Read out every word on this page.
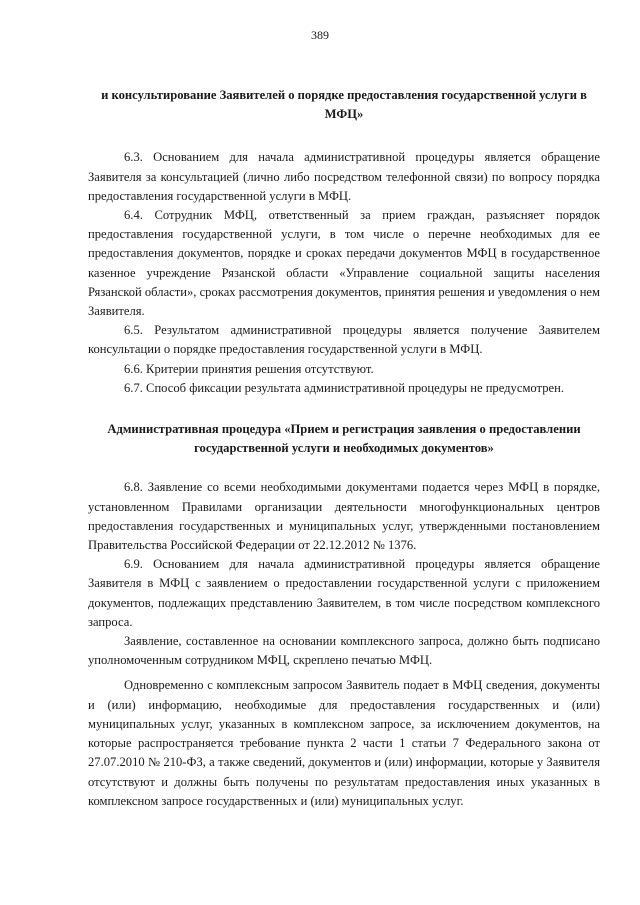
389

и консультирование Заявителей о порядке предоставления государственной услуги в МФЦ»

6.3. Основанием для начала административной процедуры является обращение Заявителя за консультацией (лично либо посредством телефонной связи) по вопросу порядка предоставления государственной услуги в МФЦ.

6.4. Сотрудник МФЦ, ответственный за прием граждан, разъясняет порядок предоставления государственной услуги, в том числе о перечне необходимых для ее предоставления документов, порядке и сроках передачи документов МФЦ в государственное казенное учреждение Рязанской области «Управление социальной защиты населения Рязанской области», сроках рассмотрения документов, принятия решения и уведомления о нем Заявителя.

6.5. Результатом административной процедуры является получение Заявителем консультации о порядке предоставления государственной услуги в МФЦ.

6.6. Критерии принятия решения отсутствуют.

6.7. Способ фиксации результата административной процедуры не предусмотрен.

Административная процедура «Прием и регистрация заявления о предоставлении государственной услуги и необходимых документов»

6.8. Заявление со всеми необходимыми документами подается через МФЦ в порядке, установленном Правилами организации деятельности многофункциональных центров предоставления государственных и муниципальных услуг, утвержденными постановлением Правительства Российской Федерации от 22.12.2012 № 1376.

6.9. Основанием для начала административной процедуры является обращение Заявителя в МФЦ с заявлением о предоставлении государственной услуги с приложением документов, подлежащих представлению Заявителем, в том числе посредством комплексного запроса.

Заявление, составленное на основании комплексного запроса, должно быть подписано уполномоченным сотрудником МФЦ, скреплено печатью МФЦ.

Одновременно с комплексным запросом Заявитель подает в МФЦ сведения, документы и (или) информацию, необходимые для предоставления государственных и (или) муниципальных услуг, указанных в комплексном запросе, за исключением документов, на которые распространяется требование пункта 2 части 1 статьи 7 Федерального закона от 27.07.2010 № 210-ФЗ, а также сведений, документов и (или) информации, которые у Заявителя отсутствуют и должны быть получены по результатам предоставления иных указанных в комплексном запросе государственных и (или) муниципальных услуг.
